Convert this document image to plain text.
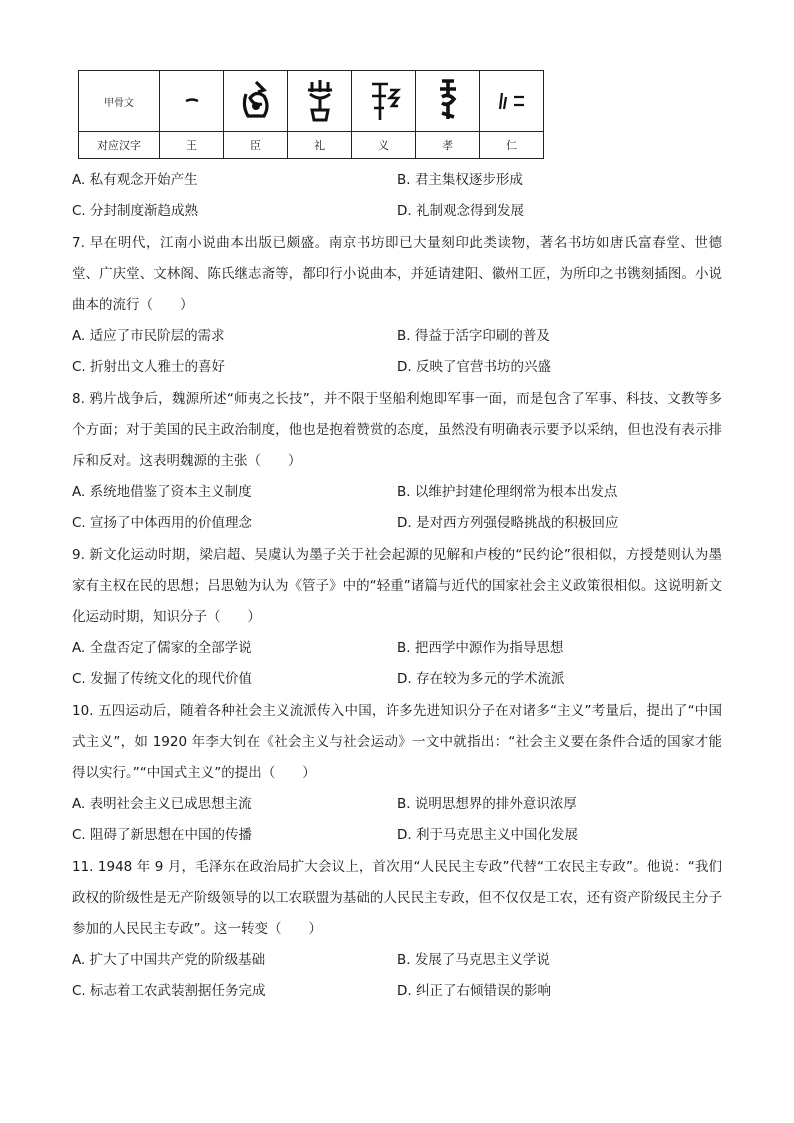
甲骨文	

对应汉字	王	臣	礼	义	孝	仁
A. 私有观念开始产生	B. 君主集权逐步形成
C. 分封制度渐趋成熟	D. 礼制观念得到发展

7. 早在明代，江南小说曲本出版已颇盛。南京书坊即已大量刻印此类读物，著名书坊如唐氏富春堂、世德堂、广庆堂、文林阁、陈氏继志斋等，都印行小说曲本，并延请建阳、徽州工匠，为所印之书镌刻插图。小说曲本的流行（　　）

A. 适应了市民阶层的需求	B. 得益于活字印刷的普及
C. 折射出文人雅士的喜好	D. 反映了官营书坊的兴盛

8. 鸦片战争后，魏源所述“师夷之长技”，并不限于坚船利炮即军事一面，而是包含了军事、科技、文教等多个方面；对于美国的民主政治制度，他也是抱着赞赏的态度，虽然没有明确表示要予以采纳，但也没有表示排斥和反对。这表明魏源的主张（　　）

A. 系统地借鉴了资本主义制度	B. 以维护封建伦理纲常为根本出发点
C. 宣扬了中体西用的价值理念	D. 是对西方列强侵略挑战的积极回应

9. 新文化运动时期，梁启超、吴虞认为墨子关于社会起源的见解和卢梭的“民约论”很相似，方授楚则认为墨家有主权在民的思想；吕思勉为认为《管子》中的“轻重”诸篇与近代的国家社会主义政策很相似。这说明新文化运动时期，知识分子（　　）

A. 全盘否定了儒家的全部学说	B. 把西学中源作为指导思想
C. 发掘了传统文化的现代价值	D. 存在较为多元的学术流派

10. 五四运动后，随着各种社会主义流派传入中国，许多先进知识分子在对诸多“主义”考量后，提出了“中国式主义”，如 1920 年李大钊在《社会主义与社会运动》一文中就指出：“社会主义要在条件合适的国家才能得以实行。”“中国式主义”的提出（　　）

A. 表明社会主义已成思想主流	B. 说明思想界的排外意识浓厚
C. 阻碍了新思想在中国的传播	D. 利于马克思主义中国化发展

11. 1948 年 9 月，毛泽东在政治局扩大会议上，首次用“人民民主专政”代替“工农民主专政”。他说：“我们政权的阶级性是无产阶级领导的以工农联盟为基础的人民民主专政，但不仅仅是工农，还有资产阶级民主分子参加的人民民主专政”。这一转变（　　）

A. 扩大了中国共产党的阶级基础	B. 发展了马克思主义学说
C. 标志着工农武装割据任务完成	D. 纠正了右倾错误的影响
